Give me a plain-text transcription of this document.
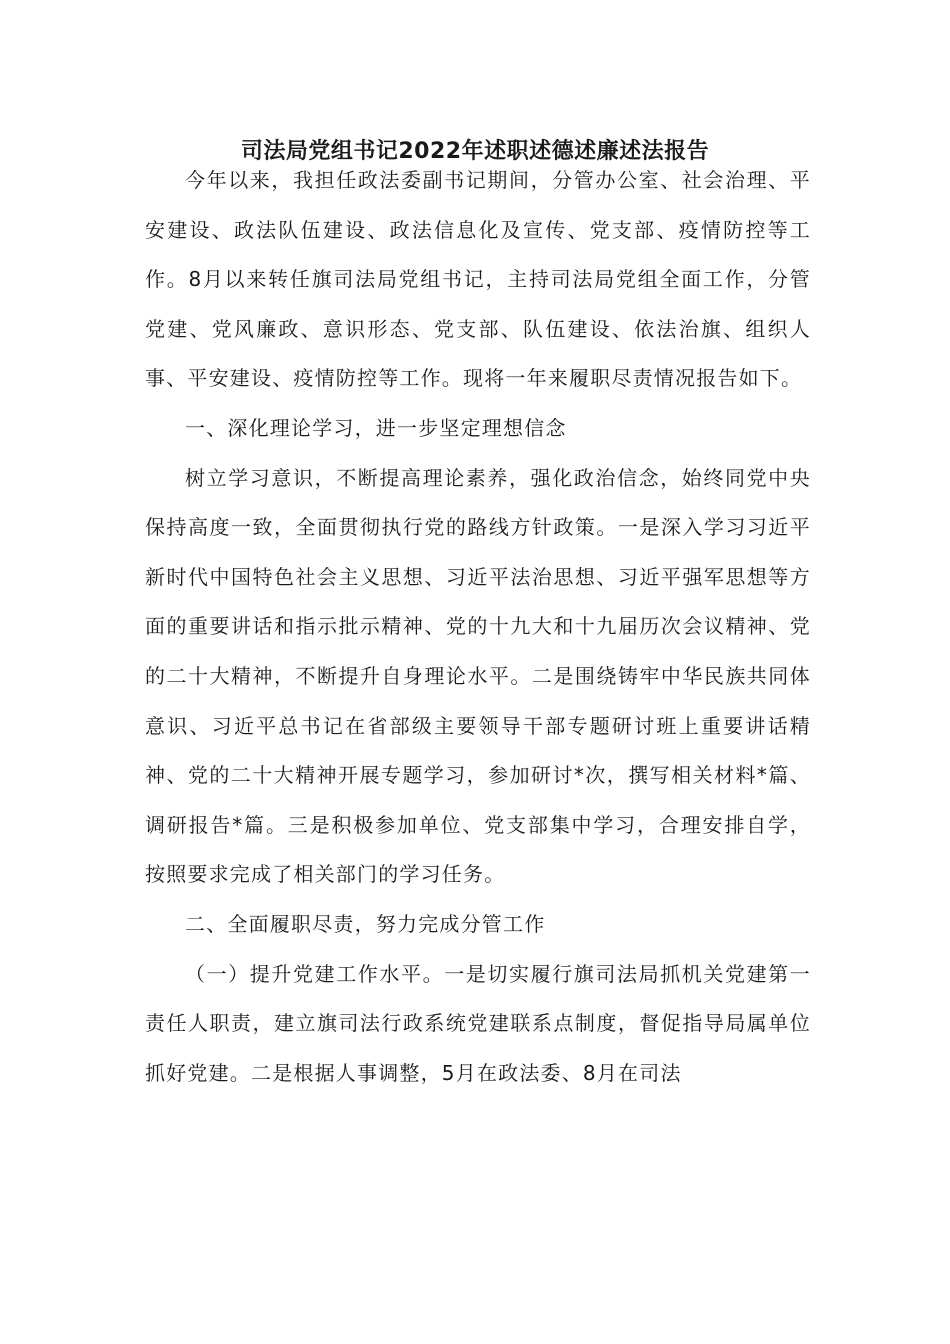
司法局党组书记2022年述职述德述廉述法报告

今年以来，我担任政法委副书记期间，分管办公室、社会治理、平安建设、政法队伍建设、政法信息化及宣传、党支部、疫情防控等工作。8月以来转任旗司法局党组书记，主持司法局党组全面工作，分管党建、党风廉政、意识形态、党支部、队伍建设、依法治旗、组织人事、平安建设、疫情防控等工作。现将一年来履职尽责情况报告如下。

一、深化理论学习，进一步坚定理想信念

树立学习意识，不断提高理论素养，强化政治信念，始终同党中央保持高度一致，全面贯彻执行党的路线方针政策。一是深入学习习近平新时代中国特色社会主义思想、习近平法治思想、习近平强军思想等方面的重要讲话和指示批示精神、党的十九大和十九届历次会议精神、党的二十大精神，不断提升自身理论水平。二是围绕铸牢中华民族共同体意识、习近平总书记在省部级主要领导干部专题研讨班上重要讲话精神、党的二十大精神开展专题学习，参加研讨*次，撰写相关材料*篇、调研报告*篇。三是积极参加单位、党支部集中学习，合理安排自学，按照要求完成了相关部门的学习任务。

二、全面履职尽责，努力完成分管工作

（一）提升党建工作水平。一是切实履行旗司法局抓机关党建第一责任人职责，建立旗司法行政系统党建联系点制度，督促指导局属单位抓好党建。二是根据人事调整，5月在政法委、8月在司法
